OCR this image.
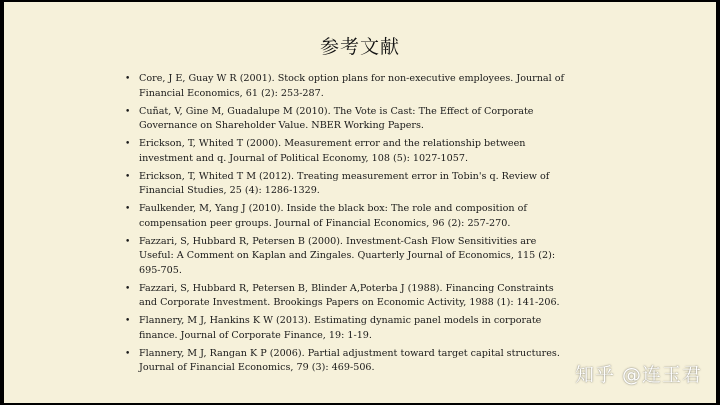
参考文献
• Core, J E, Guay W R (2001). Stock option plans for non-executive employees. Journal of
Financial Economics, 61 (2): 253-287.
• Cuñat, V, Gine M, Guadalupe M (2010). The Vote is Cast: The Effect of Corporate
Governance on Shareholder Value. NBER Working Papers.
• Erickson, T, Whited T (2000). Measurement error and the relationship between
investment and q. Journal of Political Economy, 108 (5): 1027-1057.
• Erickson, T, Whited T M (2012). Treating measurement error in Tobin's q. Review of
Financial Studies, 25 (4): 1286-1329.
• Faulkender, M, Yang J (2010). Inside the black box: The role and composition of
compensation peer groups. Journal of Financial Economics, 96 (2): 257-270.
• Fazzari, S, Hubbard R, Petersen B (2000). Investment-Cash Flow Sensitivities are
Useful: A Comment on Kaplan and Zingales. Quarterly Journal of Economics, 115 (2):
695-705.
• Fazzari, S, Hubbard R, Petersen B, Blinder A,Poterba J (1988). Financing Constraints
and Corporate Investment. Brookings Papers on Economic Activity, 1988 (1): 141-206.
• Flannery, M J, Hankins K W (2013). Estimating dynamic panel models in corporate
finance. Journal of Corporate Finance, 19: 1-19.
• Flannery, M J, Rangan K P (2006). Partial adjustment toward target capital structures.
Journal of Financial Economics, 79 (3): 469-506.	知乎 @连玉君
